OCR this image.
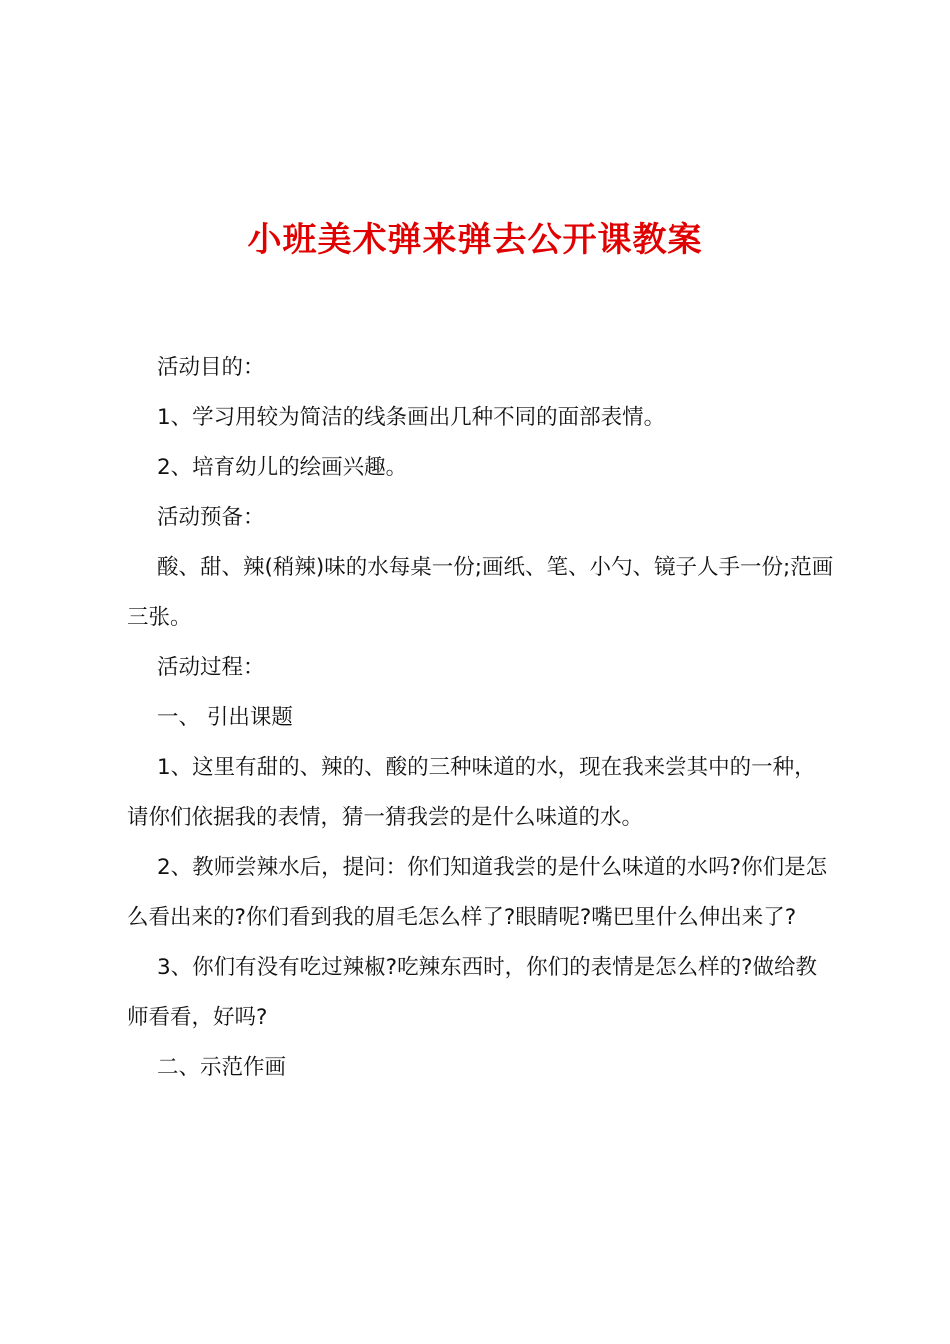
小班美术弹来弹去公开课教案

活动目的：

1、学习用较为简洁的线条画出几种不同的面部表情。

2、培育幼儿的绘画兴趣。

活动预备：

酸、甜、辣(稍辣)味的水每桌一份;画纸、笔、小勺、镜子人手一份;范画三张。

活动过程：

一、 引出课题

1、这里有甜的、辣的、酸的三种味道的水，现在我来尝其中的一种，请你们依据我的表情，猜一猜我尝的是什么味道的水。

2、教师尝辣水后，提问：你们知道我尝的是什么味道的水吗?你们是怎么看出来的?你们看到我的眉毛怎么样了?眼睛呢?嘴巴里什么伸出来了?

3、你们有没有吃过辣椒?吃辣东西时，你们的表情是怎么样的?做给教师看看，好吗?

二、示范作画
